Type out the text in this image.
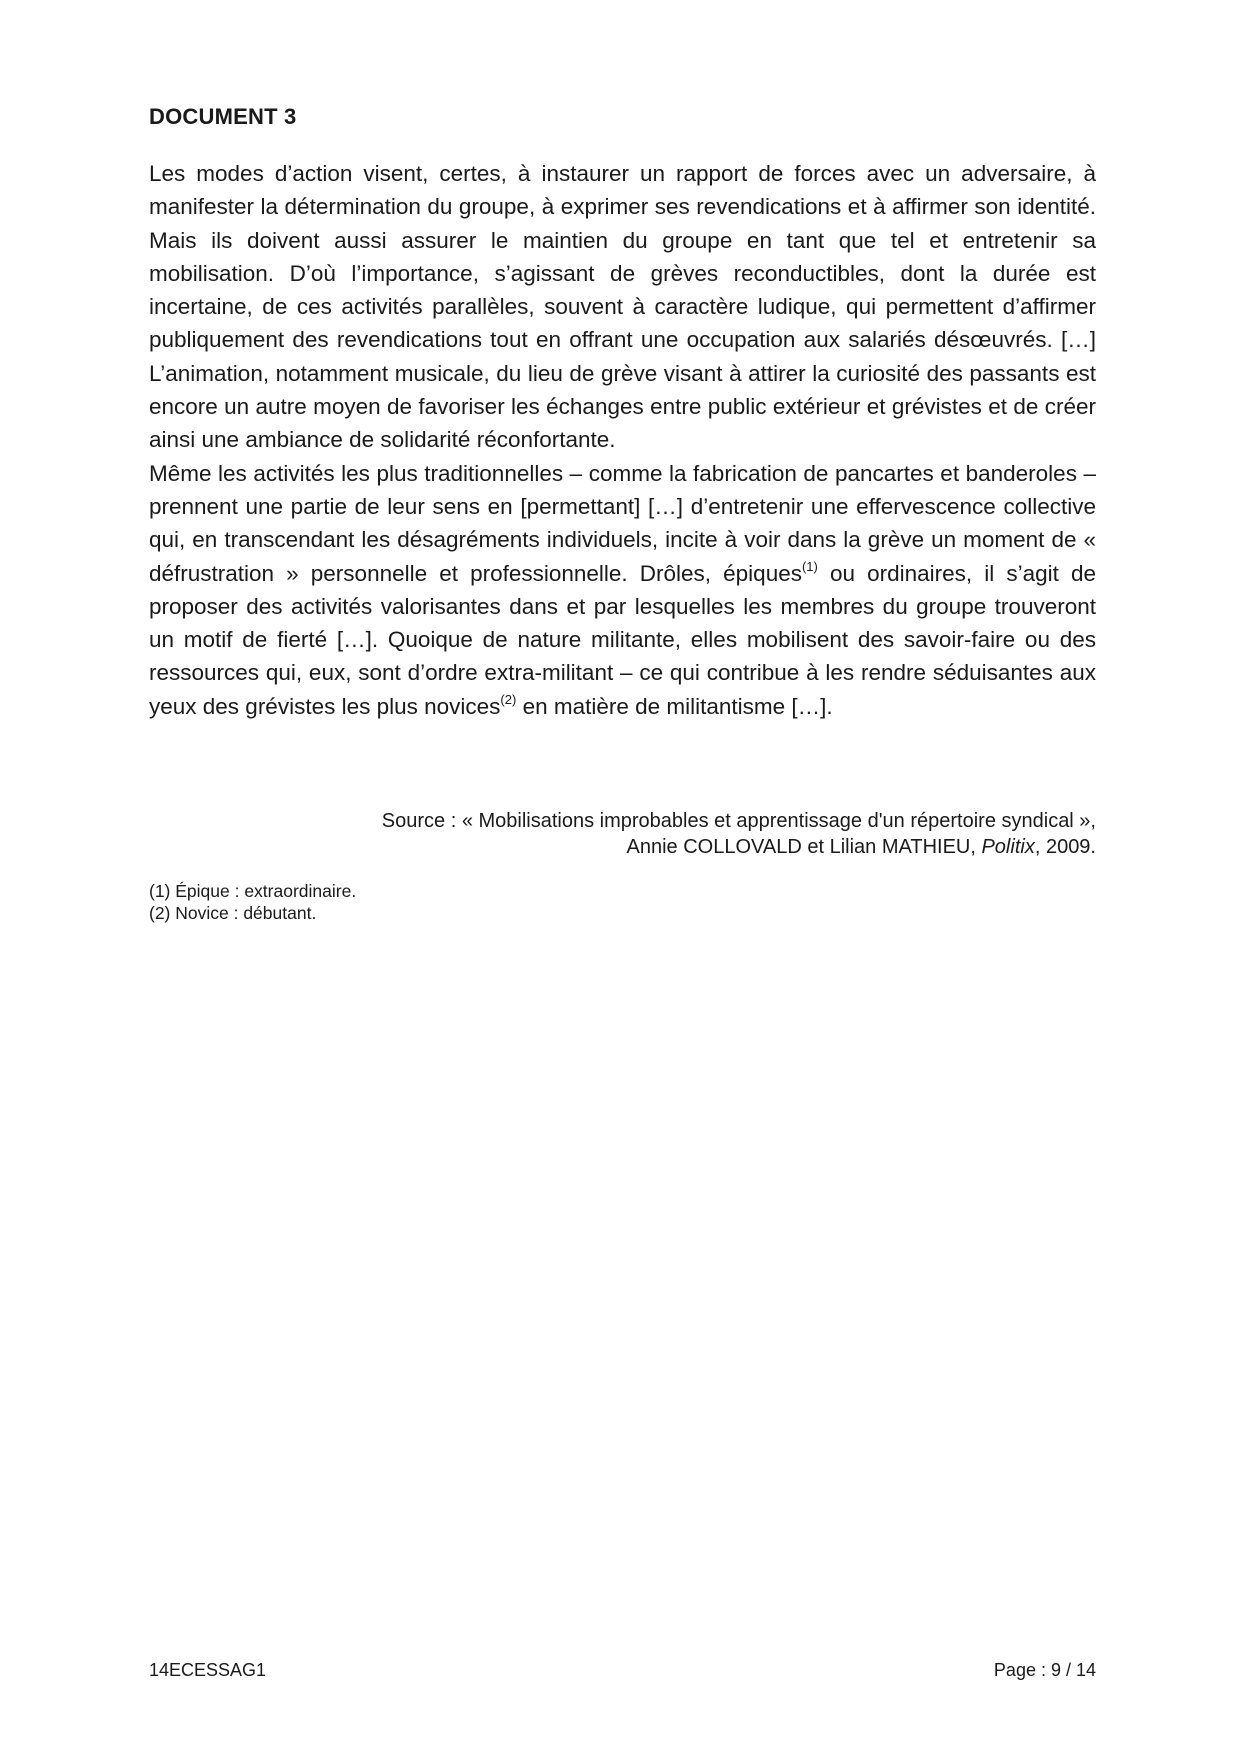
DOCUMENT 3

Les modes d’action visent, certes, à instaurer un rapport de forces avec un adversaire, à manifester la détermination du groupe, à exprimer ses revendications et à affirmer son identité. Mais ils doivent aussi assurer le maintien du groupe en tant que tel et entretenir sa mobilisation. D’où l’importance, s’agissant de grèves reconductibles, dont la durée est incertaine, de ces activités parallèles, souvent à caractère ludique, qui permettent d’affirmer publiquement des revendications tout en offrant une occupation aux salariés désœuvrés. […] L’animation, notamment musicale, du lieu de grève visant à attirer la curiosité des passants est encore un autre moyen de favoriser les échanges entre public extérieur et grévistes et de créer ainsi une ambiance de solidarité réconfortante.

Même les activités les plus traditionnelles – comme la fabrication de pancartes et banderoles – prennent une partie de leur sens en [permettant] […] d’entretenir une effervescence collective qui, en transcendant les désagréments individuels, incite à voir dans la grève un moment de « défrustration » personnelle et professionnelle. Drôles, épiques$^{(1)}$ ou ordinaires, il s’agit de proposer des activités valorisantes dans et par lesquelles les membres du groupe trouveront un motif de fierté […]. Quoique de nature militante, elles mobilisent des savoir-faire ou des ressources qui, eux, sont d’ordre extra-militant – ce qui contribue à les rendre séduisantes aux yeux des grévistes les plus novices$^{(2)}$ en matière de militantisme […].

Source : « Mobilisations improbables et apprentissage d'un répertoire syndical »,
Annie COLLOVALD et Lilian MATHIEU, Politix, 2009.
(1) Épique : extraordinaire.
(2) Novice : débutant.
14ECESSAG1	Page : 9 / 14
